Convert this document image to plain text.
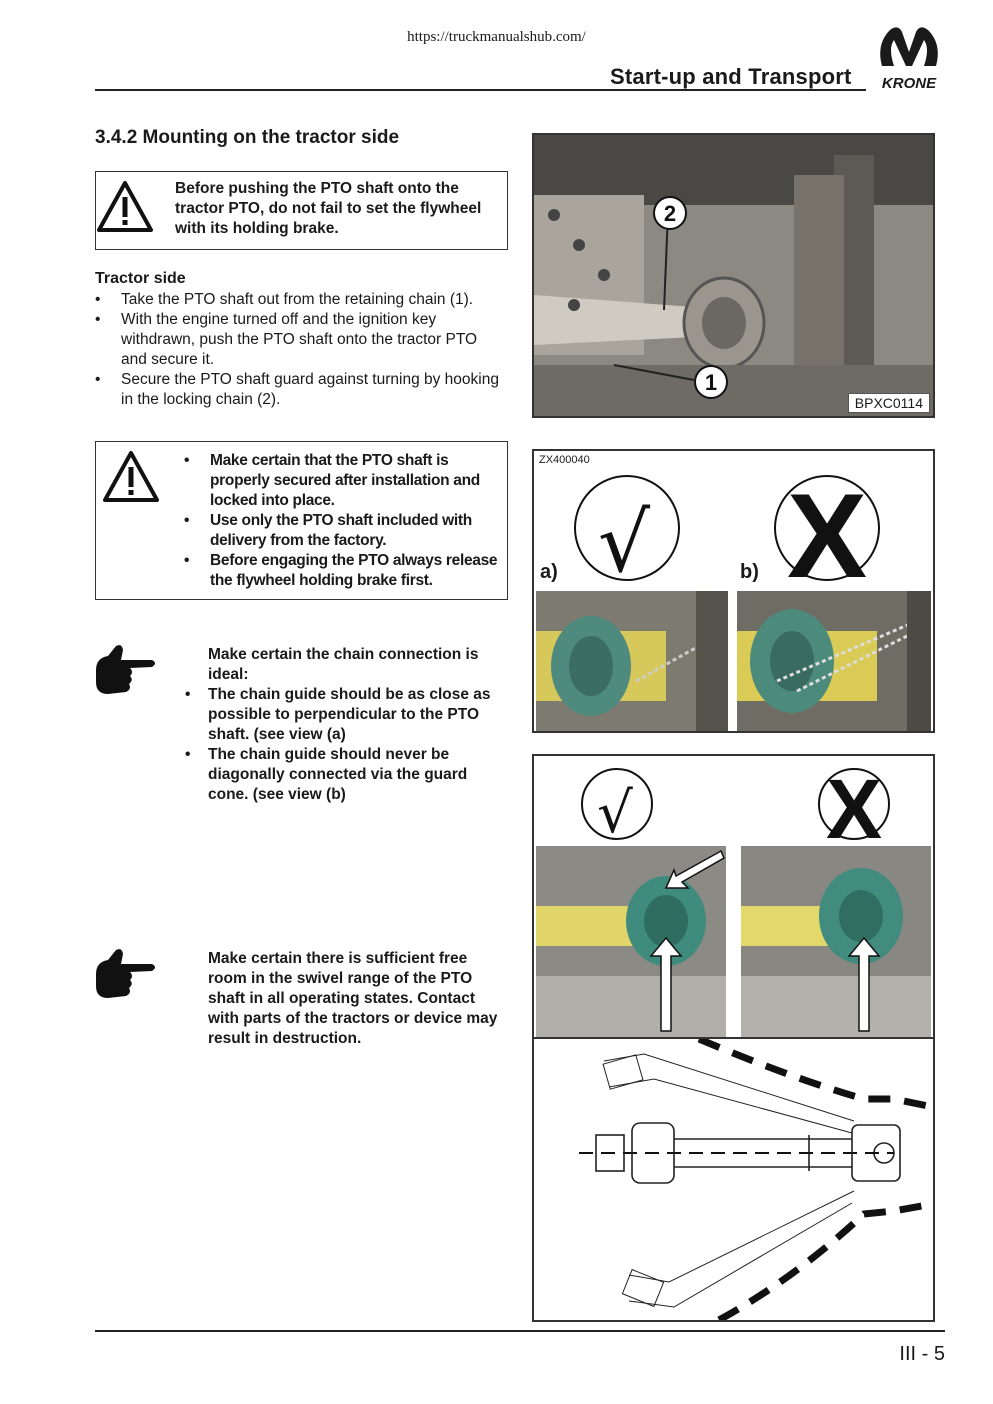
https://truckmanualshub.com/
Start-up and Transport KRONE
3.4.2 Mounting on the tractor side
Before pushing the PTO shaft onto the tractor PTO, do not fail to set the flywheel with its holding brake.
Tractor side
• Take the PTO shaft out from the retaining chain (1).
• With the engine turned off and the ignition key withdrawn, push the PTO shaft onto the tractor PTO and secure it.
• Secure the PTO shaft guard against turning by hooking in the locking chain (2).
• Make certain that the PTO shaft is properly secured after installation and locked into place.
• Use only the PTO shaft included with delivery from the factory.
• Before engaging the PTO always release the flywheel holding brake first.
Make certain the chain connection is ideal:
• The chain guide should be as close as possible to perpendicular to the PTO shaft. (see view (a)
• The chain guide should never be diagonally connected via the guard cone. (see view (b)
Make certain there is sufficient free room in the swivel range of the PTO shaft in all operating states. Contact with parts of the tractors or device may result in destruction.
2
1
BPXC0114
ZX400040
√ X
a)	b)
√ X
III - 5
